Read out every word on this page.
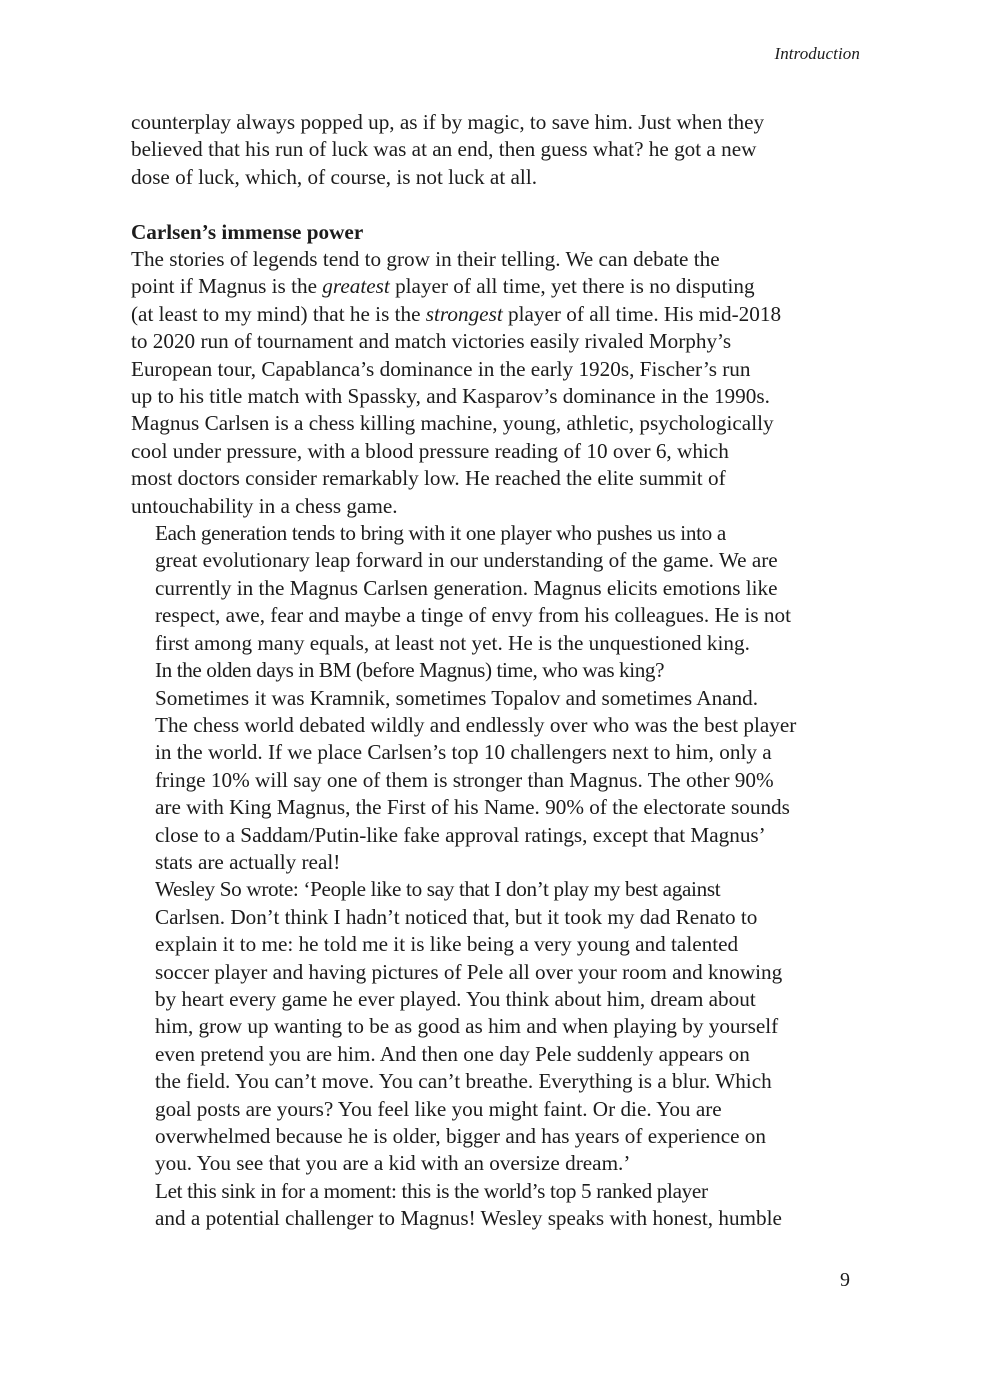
Introduction

counterplay always popped up, as if by magic, to save him. Just when they
believed that his run of luck was at an end, then guess what? he got a new
dose of luck, which, of course, is not luck at all.

Carlsen’s immense power

The stories of legends tend to grow in their telling. We can debate the
point if Magnus is the greatest player of all time, yet there is no disputing
(at least to my mind) that he is the strongest player of all time. His mid-2018
to 2020 run of tournament and match victories easily rivaled Morphy’s
European tour, Capablanca’s dominance in the early 1920s, Fischer’s run
up to his title match with Spassky, and Kasparov’s dominance in the 1990s.
Magnus Carlsen is a chess killing machine, young, athletic, psychologically
cool under pressure, with a blood pressure reading of 10 over 6, which
most doctors consider remarkably low. He reached the elite summit of
untouchability in a chess game.

Each generation tends to bring with it one player who pushes us into a
great evolutionary leap forward in our understanding of the game. We are
currently in the Magnus Carlsen generation. Magnus elicits emotions like
respect, awe, fear and maybe a tinge of envy from his colleagues. He is not
first among many equals, at least not yet. He is the unquestioned king.

In the olden days in BM (before Magnus) time, who was king?
Sometimes it was Kramnik, sometimes Topalov and sometimes Anand.
The chess world debated wildly and endlessly over who was the best player
in the world. If we place Carlsen’s top 10 challengers next to him, only a
fringe 10% will say one of them is stronger than Magnus. The other 90%
are with King Magnus, the First of his Name. 90% of the electorate sounds
close to a Saddam/Putin-like fake approval ratings, except that Magnus’
stats are actually real!

Wesley So wrote: ‘People like to say that I don’t play my best against
Carlsen. Don’t think I hadn’t noticed that, but it took my dad Renato to
explain it to me: he told me it is like being a very young and talented
soccer player and having pictures of Pele all over your room and knowing
by heart every game he ever played. You think about him, dream about
him, grow up wanting to be as good as him and when playing by yourself
even pretend you are him. And then one day Pele suddenly appears on
the field. You can’t move. You can’t breathe. Everything is a blur. Which
goal posts are yours? You feel like you might faint. Or die. You are
overwhelmed because he is older, bigger and has years of experience on
you. You see that you are a kid with an oversize dream.’

Let this sink in for a moment: this is the world’s top 5 ranked player
and a potential challenger to Magnus! Wesley speaks with honest, humble

9
